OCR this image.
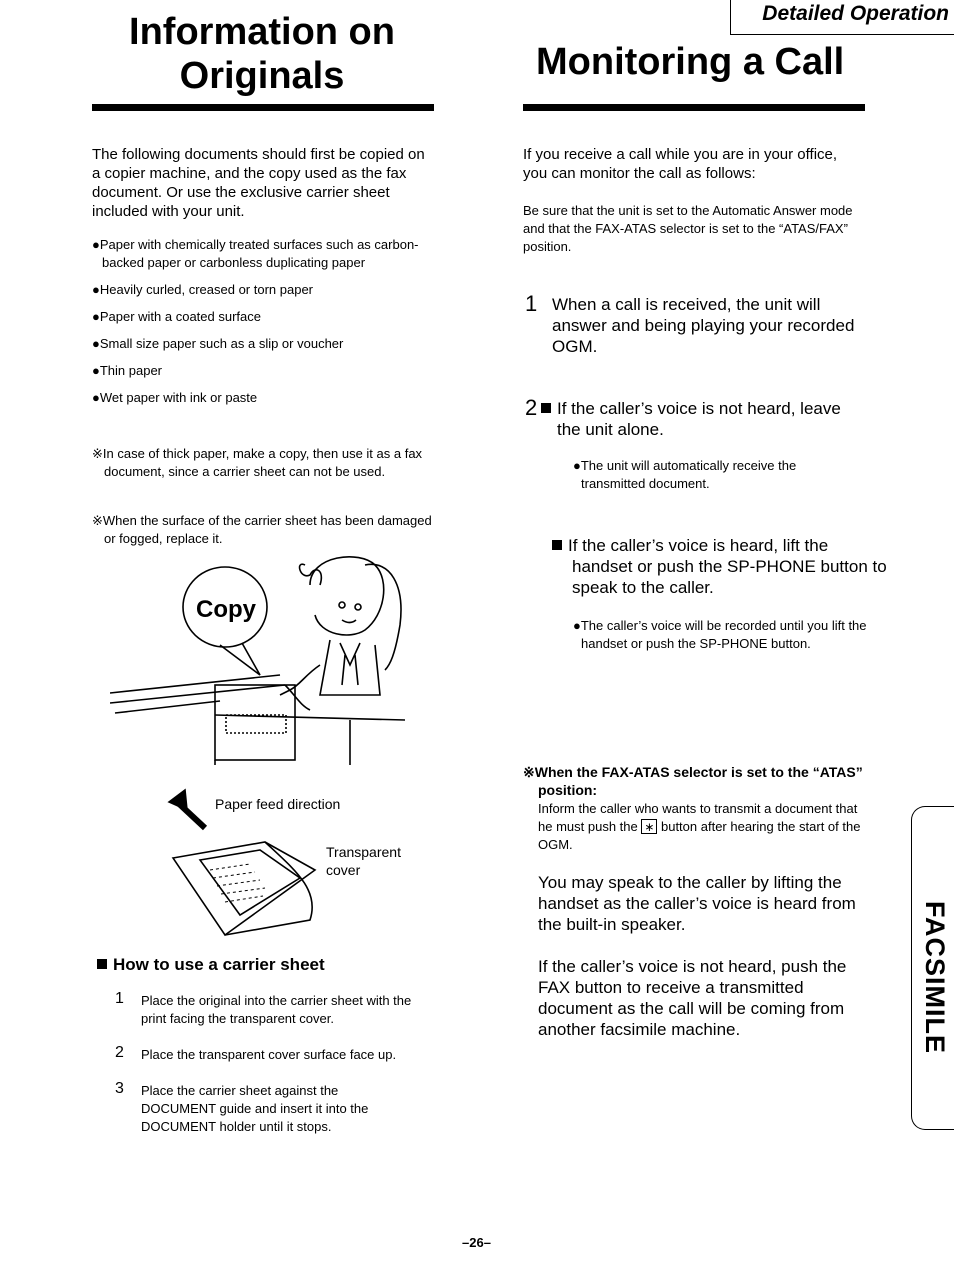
Detailed Operation
Information on
Originals
The following documents should first be copied on a copier machine, and the copy used as the fax document. Or use the exclusive carrier sheet included with your unit.
●Paper with chemically treated surfaces such as carbon-backed paper or carbonless duplicating paper
●Heavily curled, creased or torn paper
●Paper with a coated surface
●Small size paper such as a slip or voucher
●Thin paper
●Wet paper with ink or paste
※In case of thick paper, make a copy, then use it as a fax document, since a carrier sheet can not be used.
※When the surface of the carrier sheet has been damaged or fogged, replace it.
Copy
Paper feed direction
Transparent
cover
How to use a carrier sheet
1 Place the original into the carrier sheet with the print facing the transparent cover.
2 Place the transparent cover surface face up.
3 Place the carrier sheet against the DOCUMENT guide and insert it into the DOCUMENT holder until it stops.
Monitoring a Call
If you receive a call while you are in your office, you can monitor the call as follows:
Be sure that the unit is set to the Automatic Answer mode and that the FAX-ATAS selector is set to the “ATAS/FAX” position.
1 When a call is received, the unit will answer and being playing your recorded OGM.
2	If the caller’s voice is not heard, leave the unit alone.
●The unit will automatically receive the transmitted document.
If the caller’s voice is heard, lift the handset or push the SP-PHONE button to speak to the caller.
●The caller’s voice will be recorded until you lift the handset or push the SP-PHONE button.
※When the FAX-ATAS selector is set to the “ATAS” position:
Inform the caller who wants to transmit a document that he must push the ∗ button after hearing the start of the OGM.
You may speak to the caller by lifting the handset as the caller’s voice is heard from the built-in speaker.
If the caller’s voice is not heard, push the FAX button to receive a transmitted document as the call will be coming from another facsimile machine.	FACSIMILE
–26–
